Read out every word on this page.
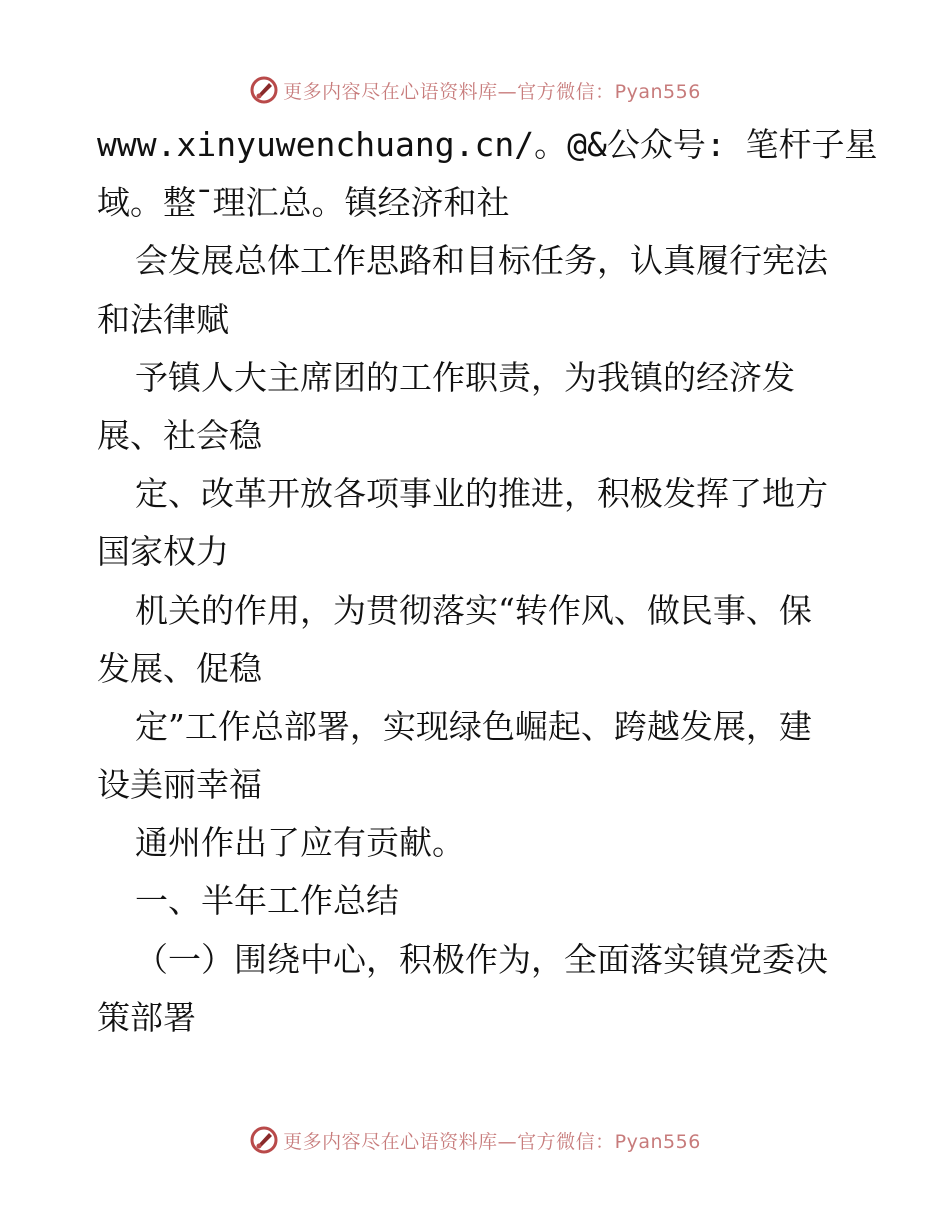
更多内容尽在心语资料库—官方微信：Pyan556
www.xinyuwenchuang.cn/。@&公众号: 笔杆子星
域。整¯理汇总。镇经济和社
会发展总体工作思路和目标任务，认真履行宪法
和法律赋
予镇人大主席团的工作职责，为我镇的经济发
展、社会稳
定、改革开放各项事业的推进，积极发挥了地方
国家权力
机关的作用，为贯彻落实“转作风、做民事、保
发展、促稳
定”工作总部署，实现绿色崛起、跨越发展，建
设美丽幸福
通州作出了应有贡献。
一、半年工作总结
（一）围绕中心，积极作为，全面落实镇党委决
策部署
更多内容尽在心语资料库—官方微信：Pyan556
